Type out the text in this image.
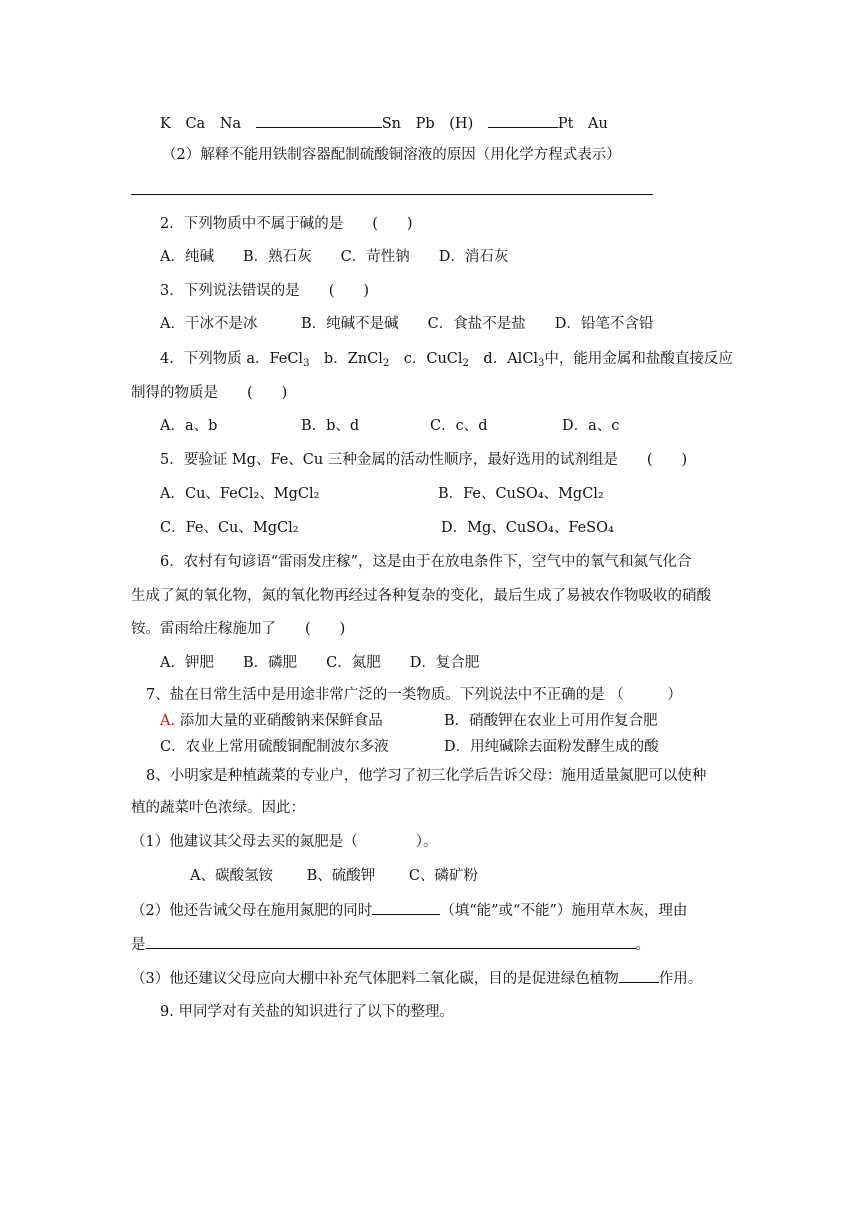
K Ca Na	Sn Pb (H)	Pt Au
（2）解释不能用铁制容器配制硫酸铜溶液的原因（用化学方程式表示）
2．下列物质中不属于碱的是　　(　　)
A．纯碱　　B．熟石灰　　C．苛性钠　　D．消石灰
3．下列说法错误的是　　(　　)
A．干冰不是冰　　　B．纯碱不是碱　　C．食盐不是盐　　D．铅笔不含铅
4．下列物质 a．FeCl$_3$　b．ZnCl$_2$　c．CuCl$_2$　d．AlCl$_3$中，能用金属和盐酸直接反应
制得的物质是　　(　　)
A．a、b	B．b、d	C．c、d	D．a、c
5．要验证 Mg、Fe、Cu 三种金属的活动性顺序，最好选用的试剂组是　　(　　)
A．Cu、FeCl₂、MgCl₂	B．Fe、CuSO₄、MgCl₂
C．Fe、Cu、MgCl₂	D．Mg、CuSO₄、FeSO₄
6．农村有句谚语“雷雨发庄稼”，这是由于在放电条件下，空气中的氧气和氮气化合
生成了氮的氧化物，氮的氧化物再经过各种复杂的变化，最后生成了易被农作物吸收的硝酸
铵。雷雨给庄稼施加了　　(　　)
A．钾肥　　B．磷肥　　C．氮肥　　D．复合肥
7、盐在日常生活中是用途非常广泛的一类物质。下列说法中不正确的是 （　　　）
A. 添加大量的亚硝酸钠来保鲜食品	B．硝酸钾在农业上可用作复合肥
C．农业上常用硫酸铜配制波尔多液	D．用纯碱除去面粉发酵生成的酸
8、小明家是种植蔬菜的专业户，他学习了初三化学后告诉父母：施用适量氮肥可以使种
植的蔬菜叶色浓绿。因此：
（1）他建议其父母去买的氮肥是（　　　　）。
A、碳酸氢铵　　 B、硫酸钾　　 C、磷矿粉
（2）他还告诫父母在施用氮肥的同时	（填“能”或“不能”）施用草木灰，理由
是	。
（3）他还建议父母应向大棚中补充气体肥料二氧化碳，目的是促进绿色植物	作用。
9. 甲同学对有关盐的知识进行了以下的整理。
